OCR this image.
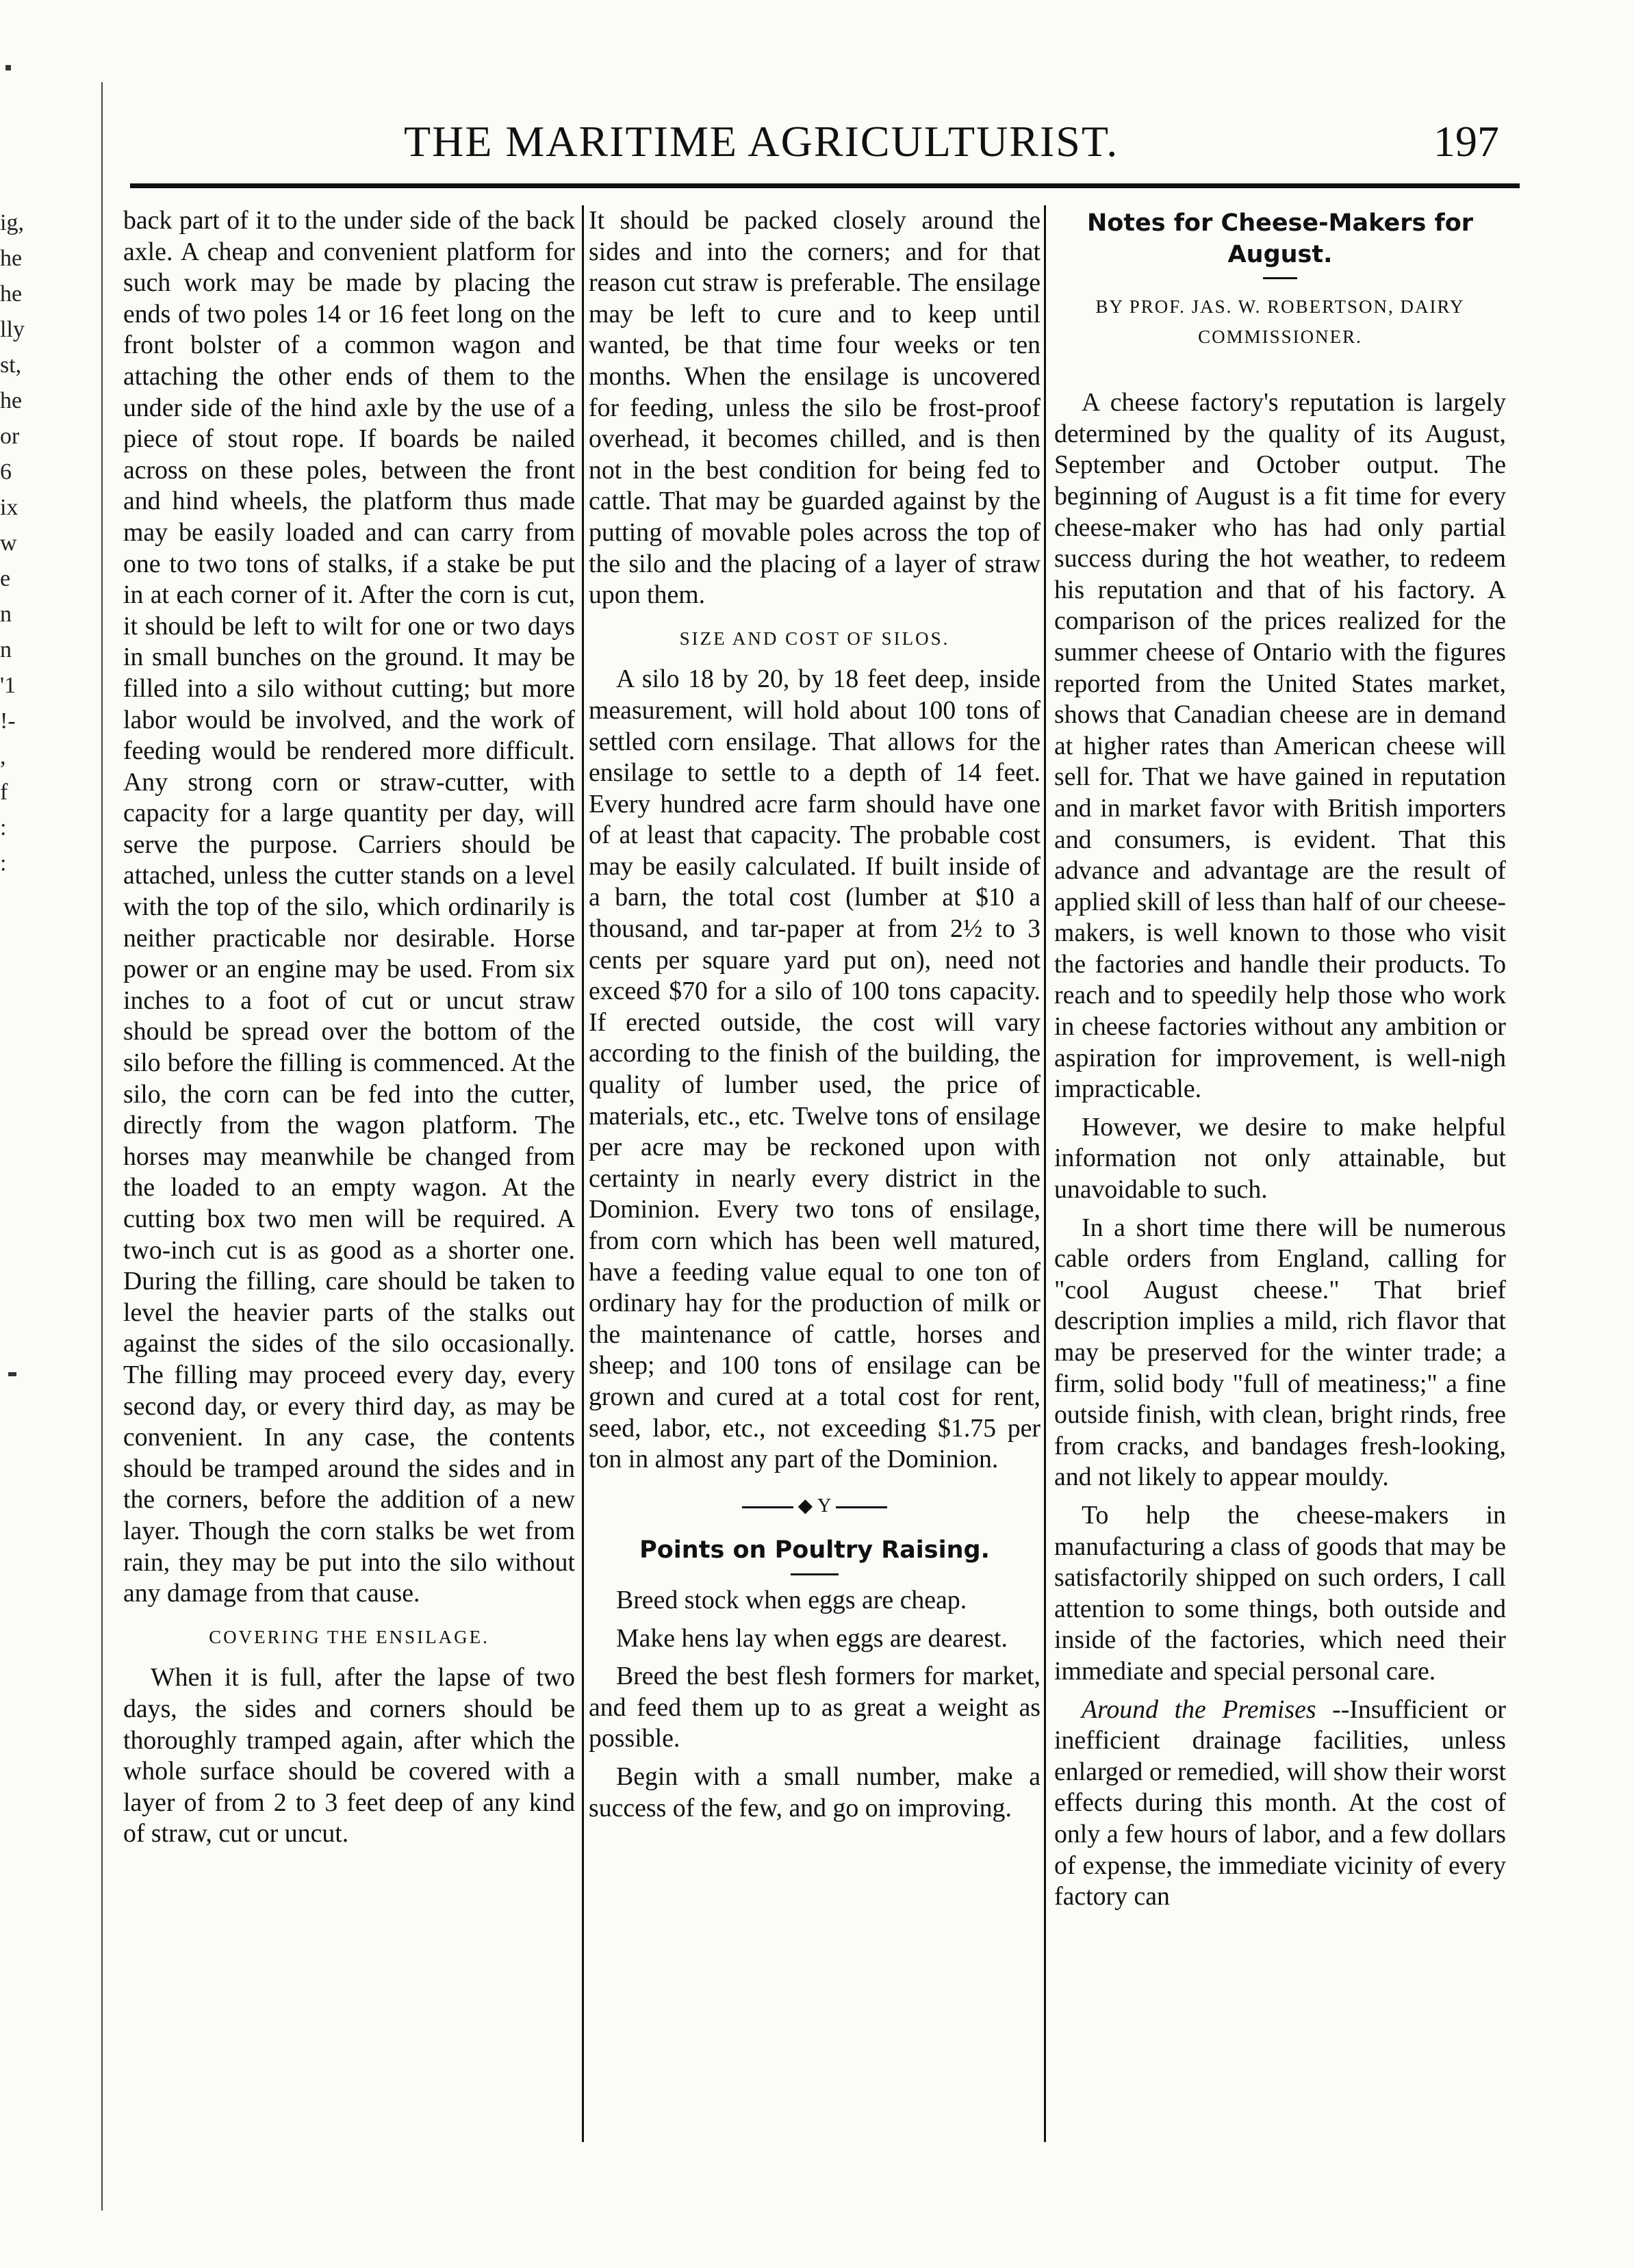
ig,
he
he
lly
st,
he
or
6
ix
w
e
n
n
'1
!-
,
f
:
:
THE MARITIME AGRICULTURIST.	197

back part of it to the under side of the back axle. A cheap and convenient platform for such work may be made by placing the ends of two poles 14 or 16 feet long on the front bolster of a common wagon and attaching the other ends of them to the under side of the hind axle by the use of a piece of stout rope. If boards be nailed across on these poles, between the front and hind wheels, the platform thus made may be easily loaded and can carry from one to two tons of stalks, if a stake be put in at each corner of it. After the corn is cut, it should be left to wilt for one or two days in small bunches on the ground. It may be filled into a silo without cutting; but more labor would be involved, and the work of feeding would be rendered more difficult. Any strong corn or straw-cutter, with capacity for a large quantity per day, will serve the purpose. Carriers should be attached, unless the cutter stands on a level with the top of the silo, which ordinarily is neither practicable nor desirable. Horse power or an engine may be used. From six inches to a foot of cut or uncut straw should be spread over the bottom of the silo before the filling is commenced. At the silo, the corn can be fed into the cutter, directly from the wagon platform. The horses may meanwhile be changed from the loaded to an empty wagon. At the cutting box two men will be required. A two-inch cut is as good as a shorter one. During the filling, care should be taken to level the heavier parts of the stalks out against the sides of the silo occasionally. The filling may proceed every day, every second day, or every third day, as may be convenient. In any case, the contents should be tramped around the sides and in the corners, before the addition of a new layer. Though the corn stalks be wet from rain, they may be put into the silo without any damage from that cause.

COVERING THE ENSILAGE.

When it is full, after the lapse of two days, the sides and corners should be thoroughly tramped again, after which the whole surface should be covered with a layer of from 2 to 3 feet deep of any kind of straw, cut or uncut.

It should be packed closely around the sides and into the corners; and for that reason cut straw is preferable. The ensilage may be left to cure and to keep until wanted, be that time four weeks or ten months. When the ensilage is uncovered for feeding, unless the silo be frost-proof overhead, it becomes chilled, and is then not in the best condition for being fed to cattle. That may be guarded against by the putting of movable poles across the top of the silo and the placing of a layer of straw upon them.

SIZE AND COST OF SILOS.

A silo 18 by 20, by 18 feet deep, inside measurement, will hold about 100 tons of settled corn ensilage. That allows for the ensilage to settle to a depth of 14 feet. Every hundred acre farm should have one of at least that capacity. The probable cost may be easily calculated. If built inside of a barn, the total cost (lumber at $10 a thousand, and tar-paper at from 2½ to 3 cents per square yard put on), need not exceed $70 for a silo of 100 tons capacity. If erected outside, the cost will vary according to the finish of the building, the quality of lumber used, the price of materials, etc., etc. Twelve tons of ensilage per acre may be reckoned upon with certainty in nearly every district in the Dominion. Every two tons of ensilage, from corn which has been well matured, have a feeding value equal to one ton of ordinary hay for the production of milk or the maintenance of cattle, horses and sheep; and 100 tons of ensilage can be grown and cured at a total cost for rent, seed, labor, etc., not exceeding $1.75 per ton in almost any part of the Dominion.

◆ Y
Points on Poultry Raising.

Breed stock when eggs are cheap.

Make hens lay when eggs are dearest.

Breed the best flesh formers for market, and feed them up to as great a weight as possible.

Begin with a small number, make a success of the few, and go on improving.

Notes for Cheese-Makers for August.
BY PROF. JAS. W. ROBERTSON, DAIRY COMMISSIONER.

A cheese factory's reputation is largely determined by the quality of its August, September and October output. The beginning of August is a fit time for every cheese-maker who has had only partial success during the hot weather, to redeem his reputation and that of his factory. A comparison of the prices realized for the summer cheese of Ontario with the figures reported from the United States market, shows that Canadian cheese are in demand at higher rates than American cheese will sell for. That we have gained in reputation and in market favor with British importers and consumers, is evident. That this advance and advantage are the result of applied skill of less than half of our cheese-makers, is well known to those who visit the factories and handle their products. To reach and to speedily help those who work in cheese factories without any ambition or aspiration for improvement, is well-nigh impracticable.

However, we desire to make helpful information not only attainable, but unavoidable to such.

In a short time there will be numerous cable orders from England, calling for "cool August cheese." That brief description implies a mild, rich flavor that may be preserved for the winter trade; a firm, solid body "full of meatiness;" a fine outside finish, with clean, bright rinds, free from cracks, and bandages fresh-looking, and not likely to appear mouldy.

To help the cheese-makers in manufacturing a class of goods that may be satisfactorily shipped on such orders, I call attention to some things, both outside and inside of the factories, which need their immediate and special personal care.

Around the Premises --Insufficient or inefficient drainage facilities, unless enlarged or remedied, will show their worst effects during this month. At the cost of only a few hours of labor, and a few dollars of expense, the immediate vicinity of every factory can
